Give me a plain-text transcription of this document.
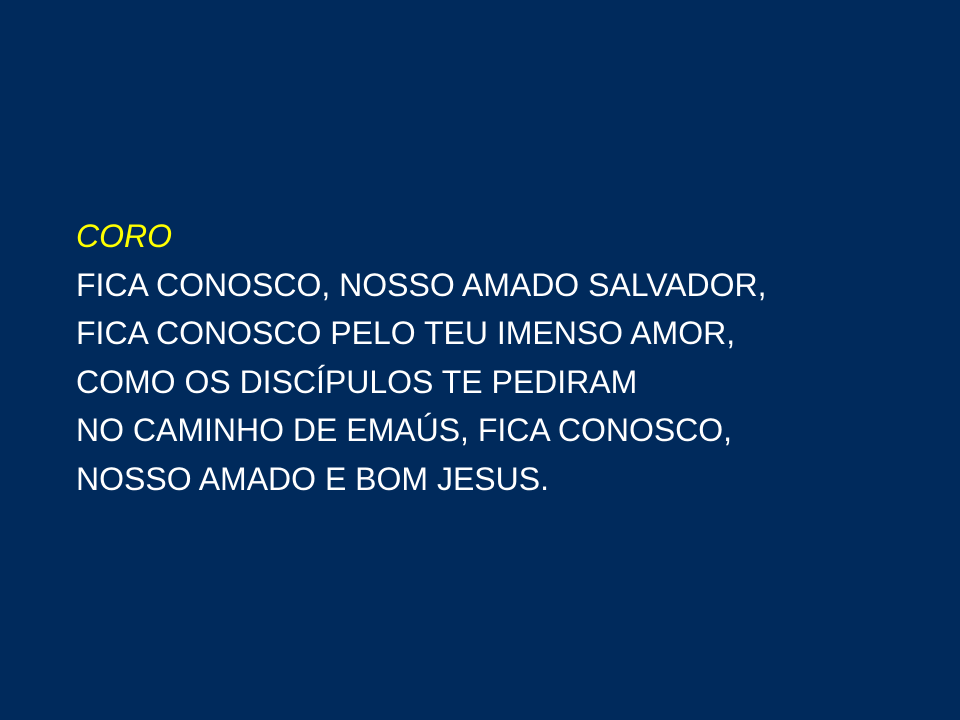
CORO
FICA CONOSCO, NOSSO AMADO SALVADOR,
FICA CONOSCO PELO TEU IMENSO AMOR,
COMO OS DISCÍPULOS TE PEDIRAM
NO CAMINHO DE EMAÚS, FICA CONOSCO,
NOSSO AMADO E BOM JESUS.
